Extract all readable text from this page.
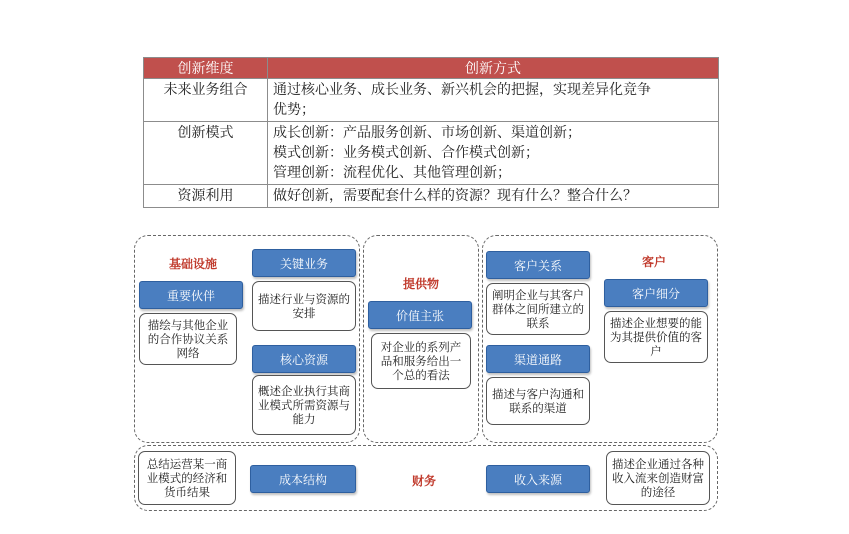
创新维度	创新方式
未来业务组合	通过核心业务、成长业务、新兴机会的把握，实现差异化竞争
优势；

创新模式	成长创新：产品服务创新、市场创新、渠道创新；
模式创新：业务模式创新、合作模式创新；
管理创新：流程优化、其他管理创新；

资源利用	做好创新，需要配套什么样的资源？现有什么？整合什么？
基础设施
重要伙伴
描绘与其他企业的合作协议关系网络
关键业务
描述行业与资源的安排
核心资源
概述企业执行其商业模式所需资源与能力
提供物
价值主张
对企业的系列产品和服务给出一个总的看法
客户
客户关系
阐明企业与其客户群体之间所建立的联系
渠道通路
描述与客户沟通和联系的渠道
客户细分
描述企业想要的能为其提供价值的客户
总结运营某一商业模式的经济和货币结果
成本结构	财务	收入来源
描述企业通过各种收入流来创造财富的途径
